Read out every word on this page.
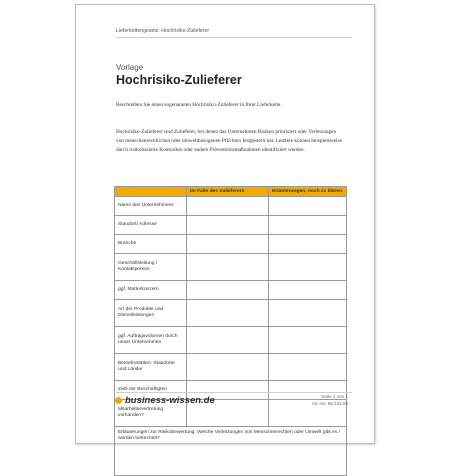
Lieferkettengesetz: Hochrisiko-Zulieferer
Vorlage
Hochrisiko-Zulieferer
Beschreiben Sie einen sogenannten Hochrisiko-Zulieferer in Ihrer Lieferkette.
Hochrisiko-Zulieferer sind Zulieferer, bei denen das Unternehmen Risiken priorisiert oder Verletzungen von menschenrechtlichen oder umweltbezogenen Pflichten festgestellt hat. Letztere können beispielsweise durch risikobasierte Kontrollen oder andere Präventionsmaßnahmen identifiziert werden.
	Im Falle des Zulieferers	Erläuterungen, noch zu klären
Name des Unternehmens		
Standort/ Adresse		
Branche		
Geschäftsleitung / Kontaktperson		
ggf. Mutterkonzern		
Art der Produkte und Dienstleistungen		
ggf. Auftragsvolumen durch unser Unternehmen		
Betriebsstätten: Standorte und Länder		
Zahl der Beschäftigten		
Mitarbeitervertretung vorhanden?		
Erläuterungen zur Risikobewertung: Welche Verletzungen von Menschenrechten oder Umwelt gibt es / werden befürchtet?		
business-wissen.de	Seite 1 von 1
Art.-Nr. 99.243.00
